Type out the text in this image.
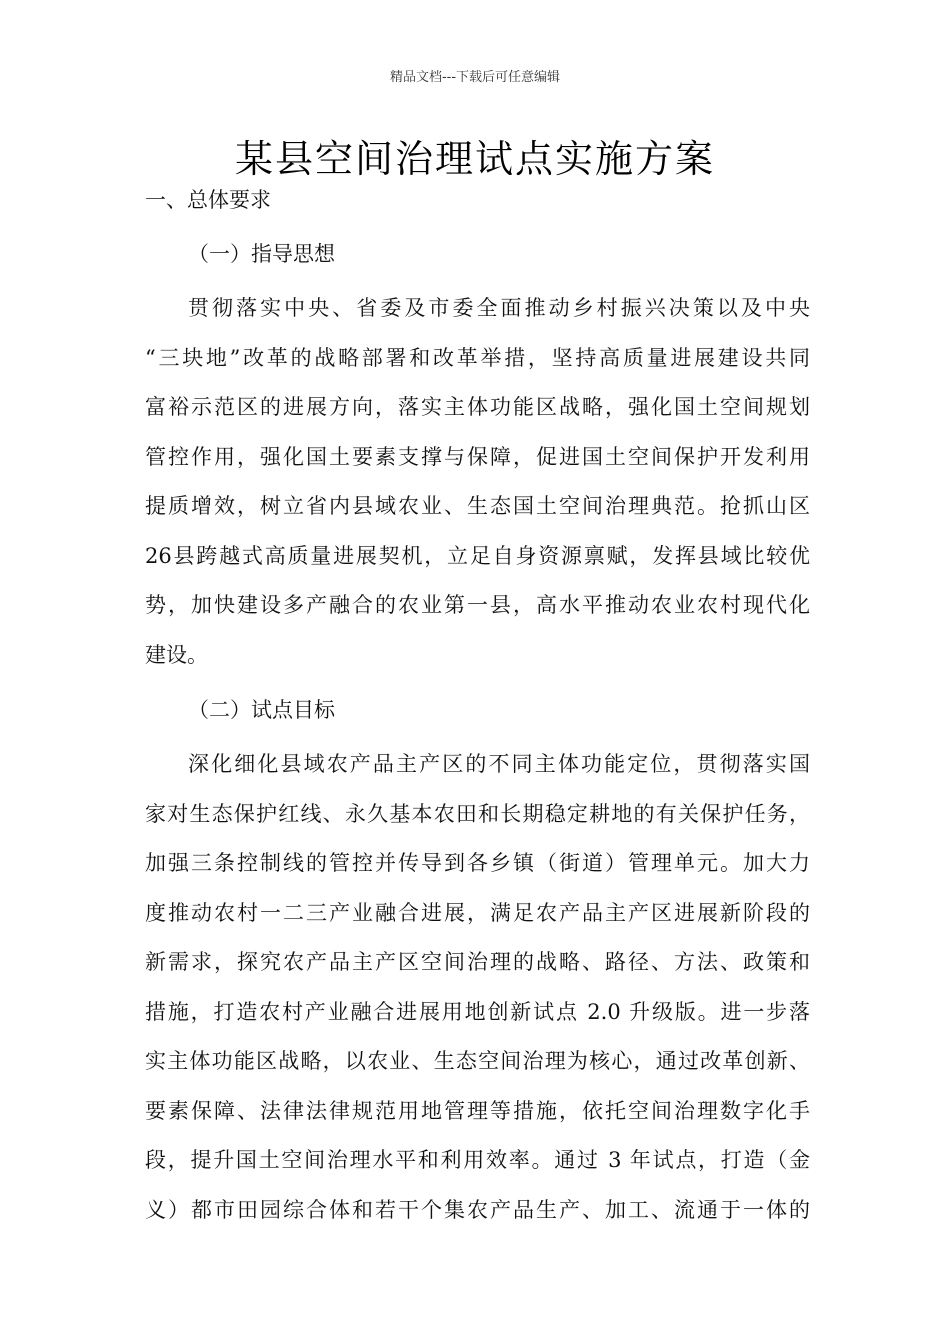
精品文档---下载后可任意编辑
某县空间治理试点实施方案
一、总体要求
（一）指导思想
贯彻落实中央、省委及市委全面推动乡村振兴决策以及中央
“三块地”改革的战略部署和改革举措，坚持高质量进展建设共同
富裕示范区的进展方向，落实主体功能区战略，强化国土空间规划
管控作用，强化国土要素支撑与保障，促进国土空间保护开发利用
提质增效，树立省内县域农业、生态国土空间治理典范。抢抓山区
26县跨越式高质量进展契机，立足自身资源禀赋，发挥县域比较优
势，加快建设多产融合的农业第一县，高水平推动农业农村现代化
建设。
（二）试点目标
深化细化县域农产品主产区的不同主体功能定位，贯彻落实国
家对生态保护红线、永久基本农田和长期稳定耕地的有关保护任务，
加强三条控制线的管控并传导到各乡镇（街道）管理单元。加大力
度推动农村一二三产业融合进展，满足农产品主产区进展新阶段的
新需求，探究农产品主产区空间治理的战略、路径、方法、政策和
措施，打造农村产业融合进展用地创新试点 2.0 升级版。进一步落
实主体功能区战略，以农业、生态空间治理为核心，通过改革创新、
要素保障、法律法律规范用地管理等措施，依托空间治理数字化手
段，提升国土空间治理水平和利用效率。通过 3 年试点，打造（金
义）都市田园综合体和若干个集农产品生产、加工、流通于一体的
